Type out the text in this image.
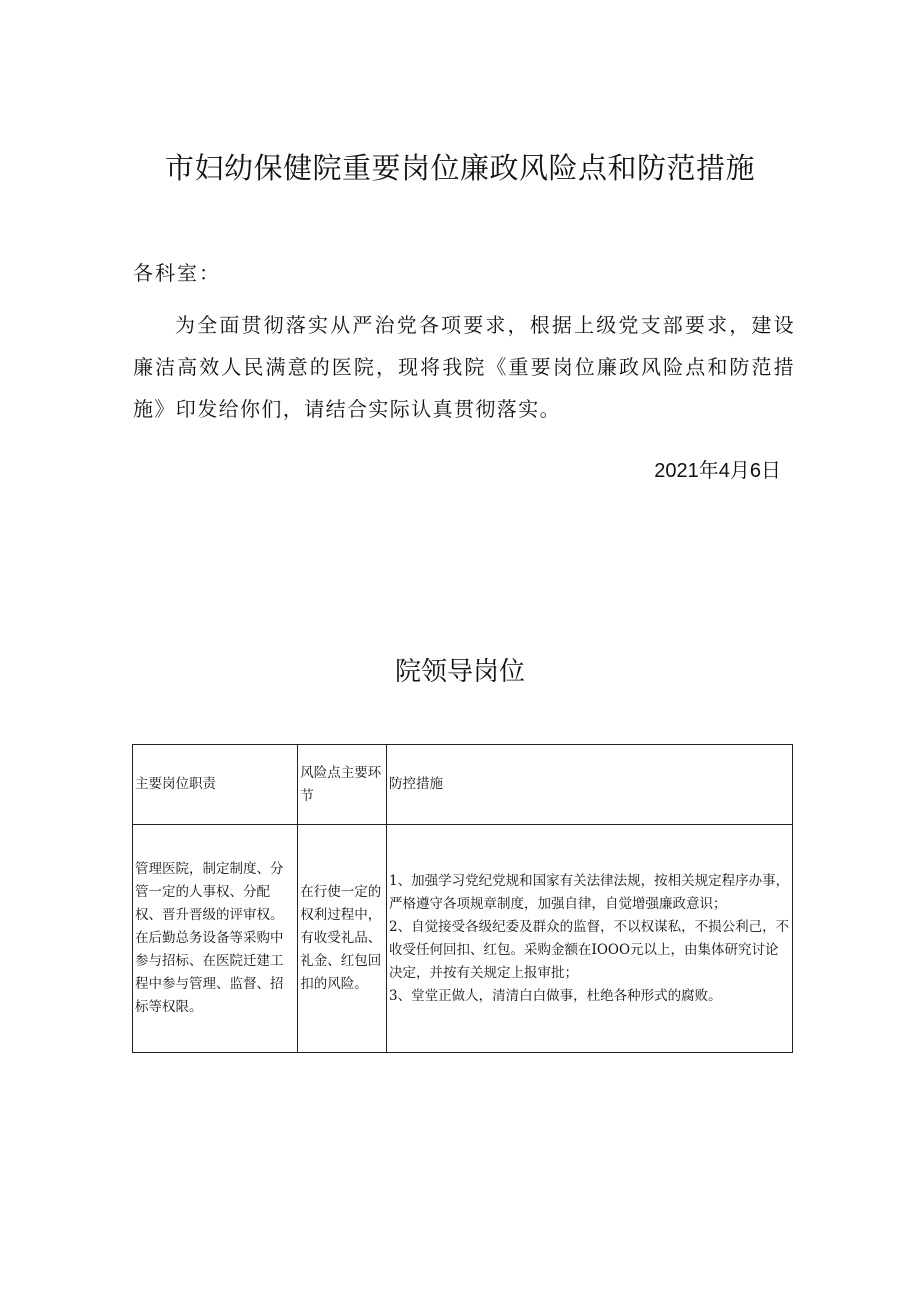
市妇幼保健院重要岗位廉政风险点和防范措施
各科室：
为全面贯彻落实从严治党各项要求，根据上级党支部要求，建设廉洁高效人民满意的医院，现将我院《重要岗位廉政风险点和防范措施》印发给你们，请结合实际认真贯彻落实。
2021年4月6日
院领导岗位
主要岗位职责	风险点主要环节	防控措施
管理医院，制定制度、分管一定的人事权、分配权、晋升晋级的评审权。在后勤总务设备等采购中参与招标、在医院迁建工程中参与管理、监督、招标等权限。	在行使一定的权利过程中，有收受礼品、礼金、红包回扣的风险。	1、加强学习党纪党规和国家有关法律法规，按相关规定程序办事，严格遵守各项规章制度，加强自律，自觉增强廉政意识；
2、自觉接受各级纪委及群众的监督，不以权谋私，不损公利己，不收受任何回扣、红包。采购金额在IOOO元以上，由集体研究讨论决定，并按有关规定上报审批；
3、堂堂正做人，清清白白做事，杜绝各种形式的腐败。
